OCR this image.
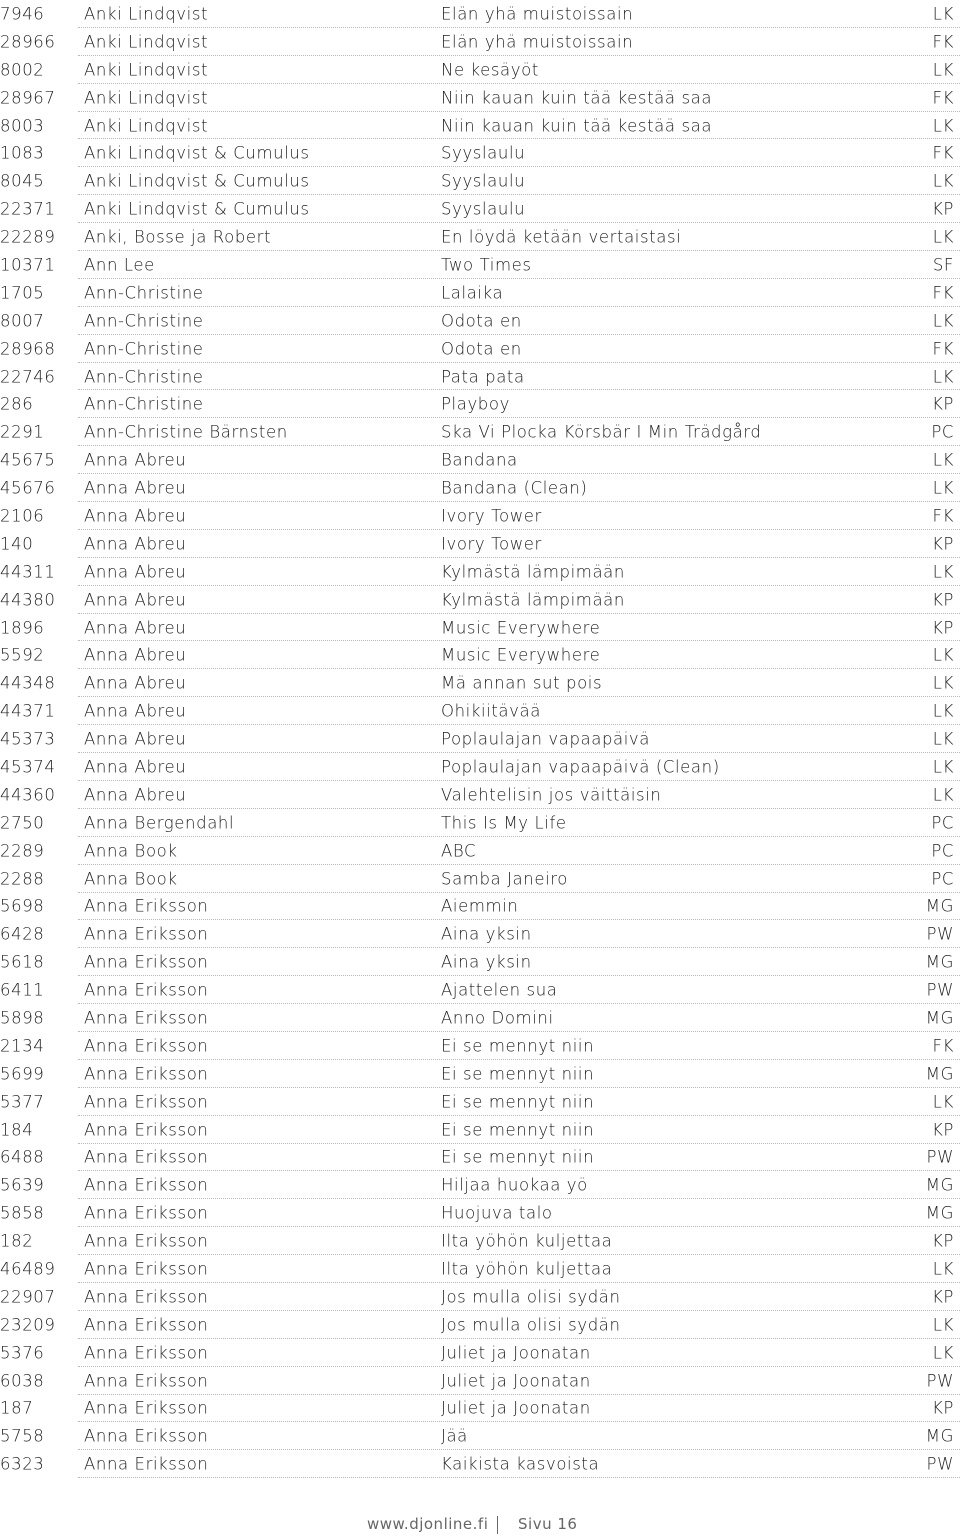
7946 Anki Lindqvist	Elän yhä muistoissain	LK
28966 Anki Lindqvist	Elän yhä muistoissain	FK
8002 Anki Lindqvist	Ne kesäyöt	LK
28967 Anki Lindqvist	Niin kauan kuin tää kestää saa	FK
8003 Anki Lindqvist	Niin kauan kuin tää kestää saa	LK
1083 Anki Lindqvist & Cumulus	Syyslaulu	FK
8045 Anki Lindqvist & Cumulus	Syyslaulu	LK
22371 Anki Lindqvist & Cumulus	Syyslaulu	KP
22289 Anki, Bosse ja Robert	En löydä ketään vertaistasi	LK
10371 Ann Lee	Two Times	SF
1705 Ann-Christine	Lalaika	FK
8007 Ann-Christine	Odota en	LK
28968 Ann-Christine	Odota en	FK
22746 Ann-Christine	Pata pata	LK
286	Ann-Christine	Playboy	KP
2291 Ann-Christine Bärnsten	Ska Vi Plocka Körsbär I Min Trädgård	PC
45675 Anna Abreu	Bandana	LK
45676 Anna Abreu	Bandana (Clean)	LK
2106 Anna Abreu	Ivory Tower	FK
140	Anna Abreu	Ivory Tower	KP
44311 Anna Abreu	Kylmästä lämpimään	LK
44380 Anna Abreu	Kylmästä lämpimään	KP
1896 Anna Abreu	Music Everywhere	KP
5592 Anna Abreu	Music Everywhere	LK
44348 Anna Abreu	Mä annan sut pois	LK
44371 Anna Abreu	Ohikiitävää	LK
45373 Anna Abreu	Poplaulajan vapaapäivä	LK
45374 Anna Abreu	Poplaulajan vapaapäivä (Clean)	LK
44360 Anna Abreu	Valehtelisin jos väittäisin	LK
2750 Anna Bergendahl	This Is My Life	PC
2289 Anna Book	ABC	PC
2288 Anna Book	Samba Janeiro	PC
5698 Anna Eriksson	Aiemmin	MG
6428 Anna Eriksson	Aina yksin	PW
5618 Anna Eriksson	Aina yksin	MG
6411 Anna Eriksson	Ajattelen sua	PW
5898 Anna Eriksson	Anno Domini	MG
2134 Anna Eriksson	Ei se mennyt niin	FK
5699 Anna Eriksson	Ei se mennyt niin	MG
5377 Anna Eriksson	Ei se mennyt niin	LK
184	Anna Eriksson	Ei se mennyt niin	KP
6488 Anna Eriksson	Ei se mennyt niin	PW
5639 Anna Eriksson	Hiljaa huokaa yö	MG
5858 Anna Eriksson	Huojuva talo	MG
182	Anna Eriksson	Ilta yöhön kuljettaa	KP
46489 Anna Eriksson	Ilta yöhön kuljettaa	LK
22907 Anna Eriksson	Jos mulla olisi sydän	KP
23209 Anna Eriksson	Jos mulla olisi sydän	LK
5376 Anna Eriksson	Juliet ja Joonatan	LK
6038 Anna Eriksson	Juliet ja Joonatan	PW
187	Anna Eriksson	Juliet ja Joonatan	KP
5758 Anna Eriksson	Jää	MG
6323 Anna Eriksson	Kaikista kasvoista	PW
www.djonline.fi Sivu 16
